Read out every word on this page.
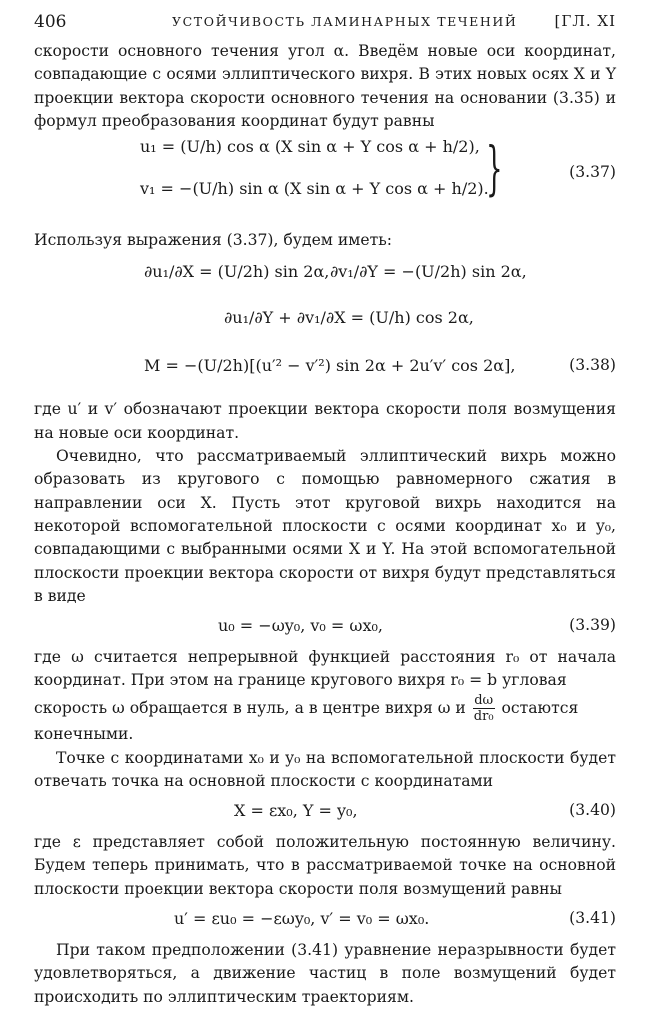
406	УСТОЙЧИВОСТЬ ЛАМИНАРНЫХ ТЕЧЕНИЙ [ГЛ. XI

скорости основного течения угол α. Введём новые оси координат, совпадающие с осями эллиптического вихря. В этих новых осях X и Y проекции вектора скорости основного течения на основании (3.35) и формул преобразования координат будут равны

u₁ = (U/h) cos α (X sin α + Y cos α + h/2),
v₁ = −(U/h) sin α (X sin α + Y cos α + h/2).
}	(3.37)

Используя выражения (3.37), будем иметь:

∂u₁/∂X = (U/2h) sin 2α, ∂v₁/∂Y = −(U/2h) sin 2α,
∂u₁/∂Y + ∂v₁/∂X = (U/h) cos 2α,
M = −(U/2h)[(u′² − v′²) sin 2α + 2u′v′ cos 2α],	(3.38)

где u′ и v′ обозначают проекции вектора скорости поля возмущения на новые оси координат.

Очевидно, что рассматриваемый эллиптический вихрь можно образовать из кругового с помощью равномерного сжатия в направлении оси X. Пусть этот круговой вихрь находится на некоторой вспомогательной плоскости с осями координат x₀ и y₀, совпадающими с выбранными осями X и Y. На этой вспомогательной плоскости проекции вектора скорости от вихря будут представляться в виде

u₀ = −ωy₀, v₀ = ωx₀,	(3.39)

где ω считается непрерывной функцией расстояния r₀ от начала координат. При этом на границе кругового вихря r₀ = b угловая

скорость ω обращается в нуль, а в центре вихря ω и $\frac{d\omega}{\text{dr₀}}$ остаются

конечными.

Точке с координатами x₀ и y₀ на вспомогательной плоскости будет отвечать точка на основной плоскости с координатами

X = εx₀, Y = y₀,	(3.40)

где ε представляет собой положительную постоянную величину. Будем теперь принимать, что в рассматриваемой точке на основной плоскости проекции вектора скорости поля возмущений равны

u′ = εu₀ = −εωy₀, v′ = v₀ = ωx₀.	(3.41)

При таком предположении (3.41) уравнение неразрывности будет удовлетворяться, а движение частиц в поле возмущений будет происходить по эллиптическим траекториям.
